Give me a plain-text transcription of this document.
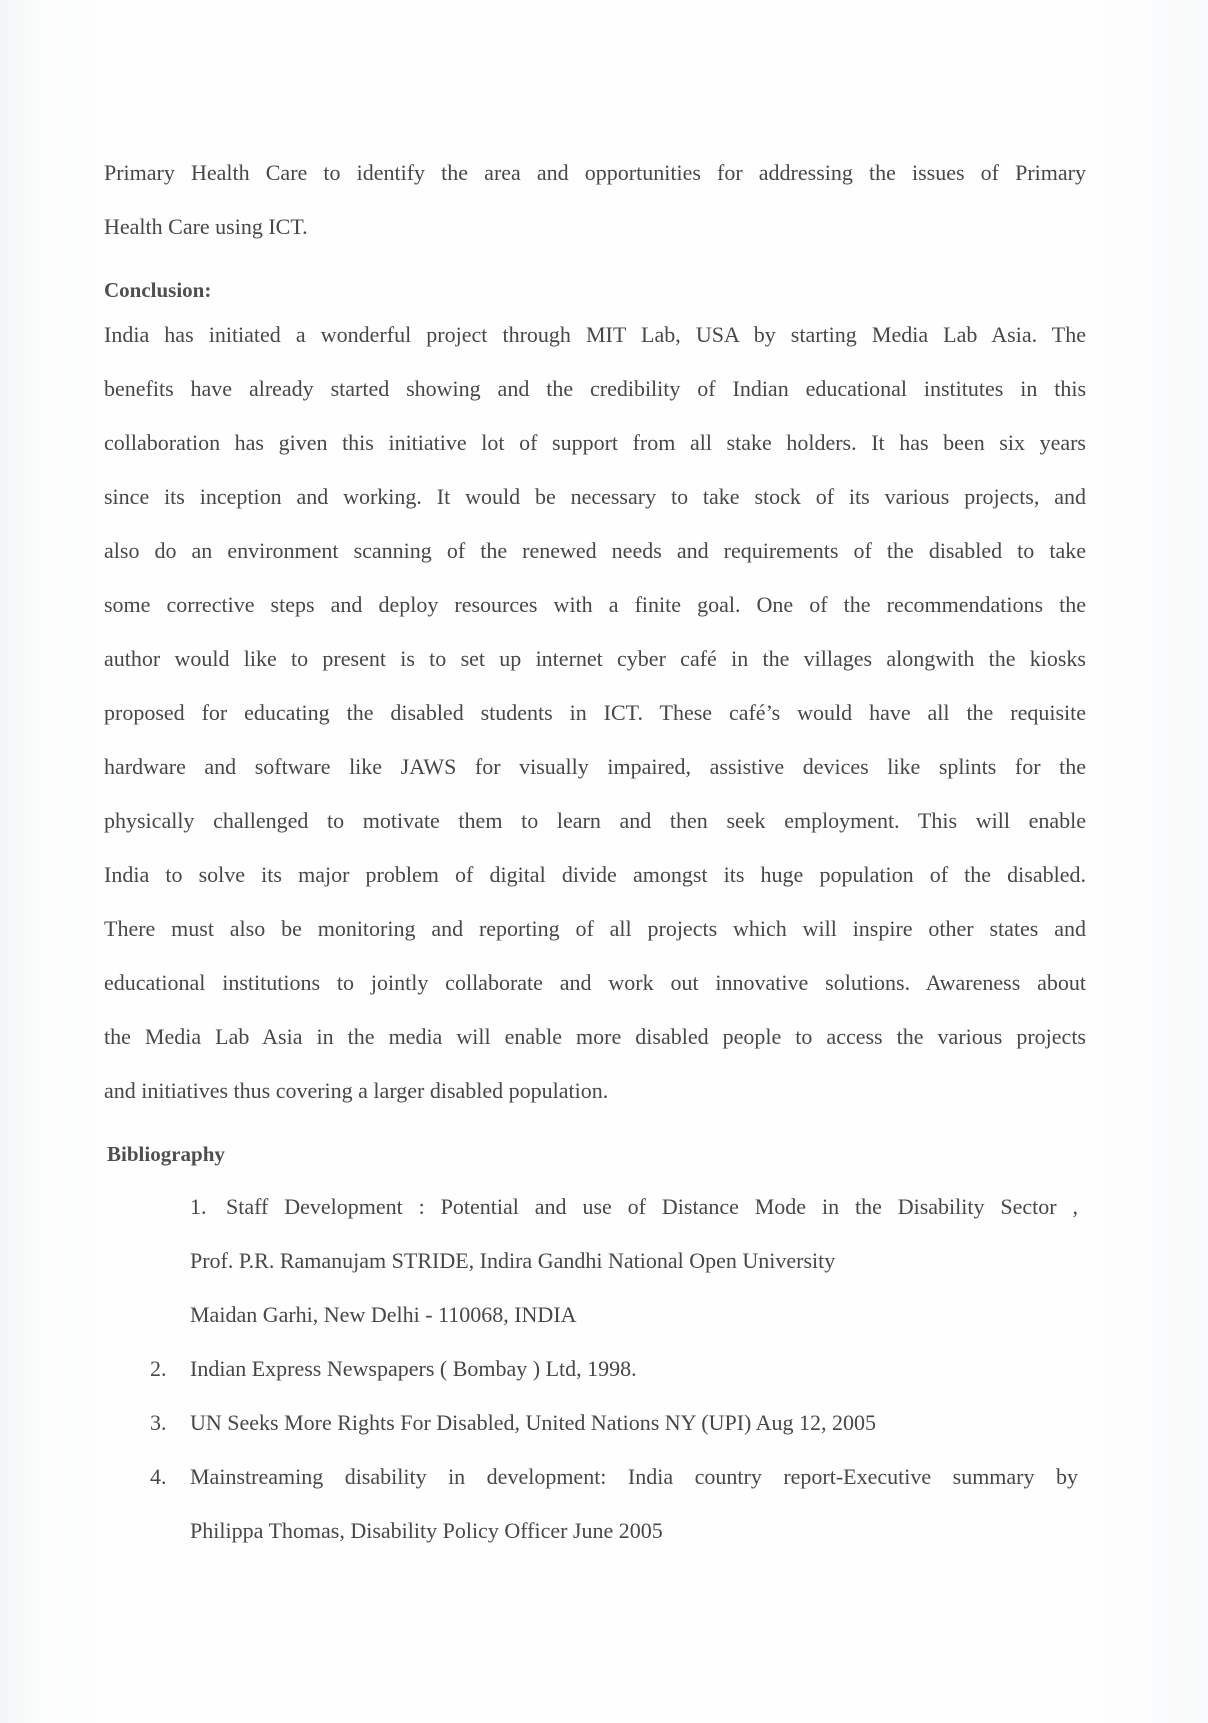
Primary Health Care to identify the area and opportunities for addressing the issues of Primary
Health Care using ICT.
Conclusion:
India has initiated a wonderful project through MIT Lab, USA by starting Media Lab Asia. The
benefits have already started showing and the credibility of Indian educational institutes in this
collaboration has given this initiative lot of support from all stake holders. It has been six years
since its inception and working. It would be necessary to take stock of its various projects, and
also do an environment scanning of the renewed needs and requirements of the disabled to take
some corrective steps and deploy resources with a finite goal. One of the recommendations the
author would like to present is to set up internet cyber café in the villages alongwith the kiosks
proposed for educating the disabled students in ICT. These café’s would have all the requisite
hardware and software like JAWS for visually impaired, assistive devices like splints for the
physically challenged to motivate them to learn and then seek employment. This will enable
India to solve its major problem of digital divide amongst its huge population of the disabled.
There must also be monitoring and reporting of all projects which will inspire other states and
educational institutions to jointly collaborate and work out innovative solutions. Awareness about
the Media Lab Asia in the media will enable more disabled people to access the various projects
and initiatives thus covering a larger disabled population.
Bibliography
1. Staff Development : Potential and use of Distance Mode in the Disability Sector ,
Prof. P.R. Ramanujam STRIDE, Indira Gandhi National Open University
Maidan Garhi, New Delhi - 110068, INDIA
2. Indian Express Newspapers ( Bombay ) Ltd, 1998.
3. UN Seeks More Rights For Disabled, United Nations NY (UPI) Aug 12, 2005
4. Mainstreaming disability in development: India country report-Executive summary by
Philippa Thomas, Disability Policy Officer June 2005
